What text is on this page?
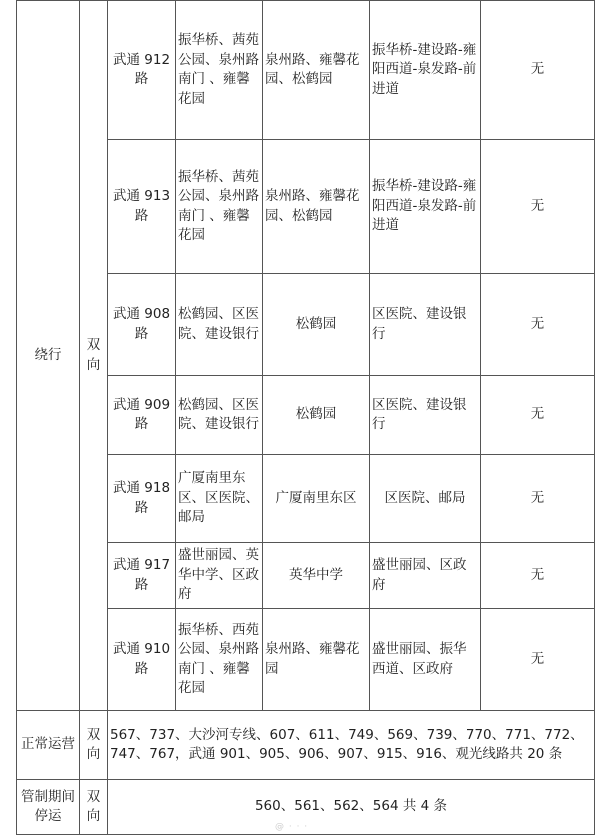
绕行	双向	武通 912 路	振华桥、茜苑公园、泉州路南门 、雍馨花园	泉州路、雍馨花园、松鹤园	振华桥-建设路-雍阳西道-泉发路-前进道	无
		武通 913 路	振华桥、茜苑公园、泉州路南门 、雍馨花园	泉州路、雍馨花园、松鹤园	振华桥-建设路-雍阳西道-泉发路-前进道	无
		武通 908 路	松鹤园、区医院、建设银行	松鹤园	区医院、建设银行	无
		武通 909 路	松鹤园、区医院、建设银行	松鹤园	区医院、建设银行	无
		武通 918 路	广厦南里东区、区医院、邮局	广厦南里东区	区医院、邮局	无
		武通 917 路	盛世丽园、英华中学、区政府	英华中学	盛世丽园、区政府	无
		武通 910 路	振华桥、西苑公园、泉州路南门 、雍馨花园	泉州路、雍馨花园	盛世丽园、振华西道、区政府	无
正常运营	双向	567、737、大沙河专线、607、611、749、569、739、770、771、772、747、767，武通 901、905、906、907、915、916、观光线路共 20 条				
管制期间停运	双向	560、561、562、564 共 4 条				
@ · · ·
